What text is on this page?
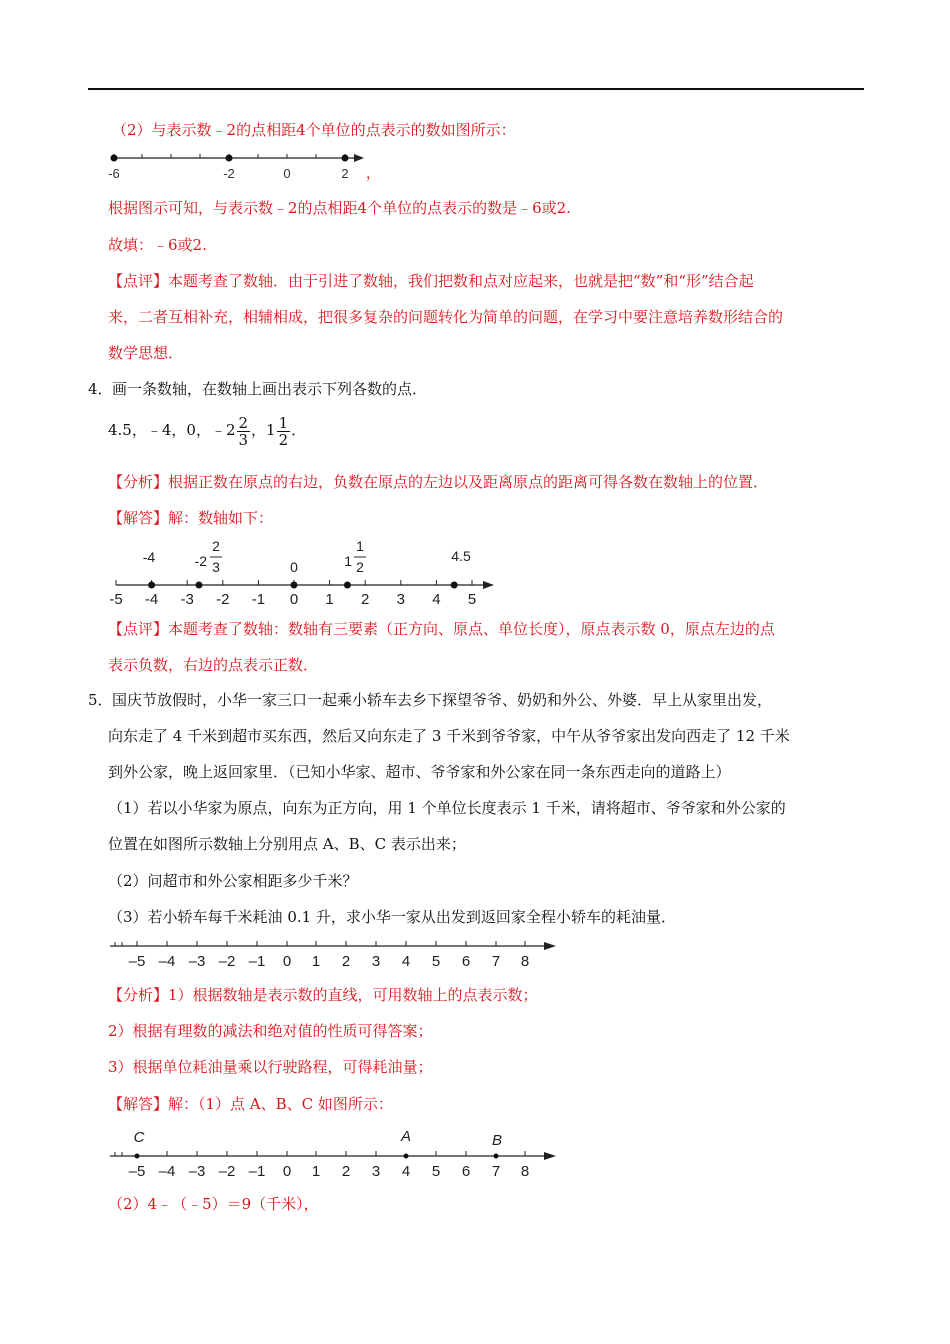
（2）与表示数﹣2的点相距4个单位的点表示的数如图所示：
-6	-2	0	2 ，
根据图示可知，与表示数﹣2的点相距4个单位的点表示的数是﹣6或2.
故填：﹣6或2.
【点评】本题考查了数轴．由于引进了数轴，我们把数和点对应起来，也就是把“数”和“形”结合起
来，二者互相补充，相辅相成，把很多复杂的问题转化为简单的问题，在学习中要注意培养数形结合的
数学思想．
4． 画一条数轴，在数轴上画出表示下列各数的点．
4.5，﹣4，0，﹣2 $\frac{2}{3}$ ，$1 \frac{1}{2}$ ．
【分析】根据正数在原点的右边，负数在原点的左边以及距离原点的距离可得各数在数轴上的位置．
【解答】解：数轴如下：
-5 -4 -3 -2 -1 0 1 2 3 4 5
-4	-2
2
3	0	1
1
2
4.5
【点评】本题考查了数轴：数轴有三要素（正方向、原点、单位长度），原点表示数 0，原点左边的点
表示负数，右边的点表示正数．
5． 国庆节放假时，小华一家三口一起乘小轿车去乡下探望爷爷、奶奶和外公、外婆．早上从家里出发，
向东走了 4 千米到超市买东西，然后又向东走了 3 千米到爷爷家，中午从爷爷家出发向西走了 12 千米
到外公家，晚上返回家里．（已知小华家、超市、爷爷家和外公家在同一条东西走向的道路上）
（1）若以小华家为原点，向东为正方向，用 1 个单位长度表示 1 千米，请将超市、爷爷家和外公家的
位置在如图所示数轴上分别用点 A、B、C 表示出来；
（2）问超市和外公家相距多少千米？
（3）若小轿车每千米耗油 0.1 升，求小华一家从出发到返回家全程小轿车的耗油量．
–5 –4 –3 –2 –1 0 1 2 3 4 5 6 7 8
【分析】1）根据数轴是表示数的直线，可用数轴上的点表示数；
2）根据有理数的减法和绝对值的性质可得答案；
3）根据单位耗油量乘以行驶路程，可得耗油量；
【解答】解：（1）点 A、B、C 如图所示：
C	A	B
–5 –4 –3 –2 –1 0 1 2 3 4 5 6 7 8
（2）4﹣（﹣5）＝9（千米），
